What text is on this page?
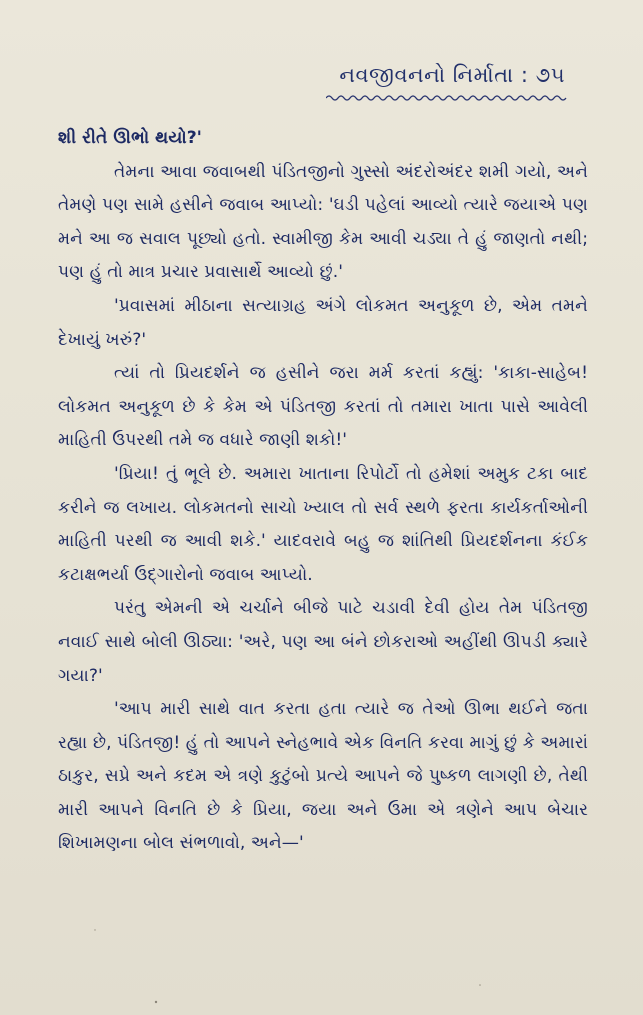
નવજીવનનો નિર્માતા : ૭૫

શી રીતે ઊભો થયો?'

તેમના આવા જવાબથી પંડિતજીનો ગુસ્સો અંદરોઅંદર શમી ગયો, અને તેમણે પણ સામે હસીને જવાબ આપ્યો: 'ઘડી પહેલાં આવ્યો ત્યારે જયાએ પણ મને આ જ સવાલ પૂછ્યો હતો. સ્વામીજી કેમ આવી ચડ્યા તે હું જાણતો નથી; પણ હું તો માત્ર પ્રચાર પ્રવાસાર્થે આવ્યો છું.'

'પ્રવાસમાં મીઠાના સત્યાગ્રહ અંગે લોકમત અનુકૂળ છે, એમ તમને દેખાયું ખરું?'

ત્યાં તો પ્રિયદર્શને જ હસીને જરા મર્મ કરતાં કહ્યું: 'કાકા-સાહેબ! લોકમત અનુકૂળ છે કે કેમ એ પંડિતજી કરતાં તો તમારા ખાતા પાસે આવેલી માહિતી ઉપરથી તમે જ વધારે જાણી શકો!'

'પ્રિયા! તું ભૂલે છે. અમારા ખાતાના રિપોર્ટો તો હમેશાં અમુક ટકા બાદ કરીને જ લખાય. લોકમતનો સાચો ખ્યાલ તો સર્વ સ્થળે ફરતા કાર્યકર્તાઓની માહિતી પરથી જ આવી શકે.' યાદવરાવે બહુ જ શાંતિથી પ્રિયદર્શનના કંઈક કટાક્ષભર્યા ઉદ્ગારોનો જવાબ આપ્યો.

પરંતુ એમની એ ચર્ચાને બીજે પાટે ચડાવી દેવી હોય તેમ પંડિતજી નવાઈ સાથે બોલી ઊઠ્યા: 'અરે, પણ આ બંને છોકરાઓ અહીંથી ઊપડી ક્યારે ગયા?'

'આપ મારી સાથે વાત કરતા હતા ત્યારે જ તેઓ ઊભા થઈને જતા રહ્યા છે, પંડિતજી! હું તો આપને સ્નેહભાવે એક વિનતિ કરવા માગું છું કે અમારાં ઠાકુર, સપ્રે અને કદમ એ ત્રણે કુટુંબો પ્રત્યે આપને જે પુષ્કળ લાગણી છે, તેથી મારી આપને વિનતિ છે કે પ્રિયા, જયા અને ઉમા એ ત્રણેને આપ બેચાર શિખામણના બોલ સંભળાવો, અને—'
